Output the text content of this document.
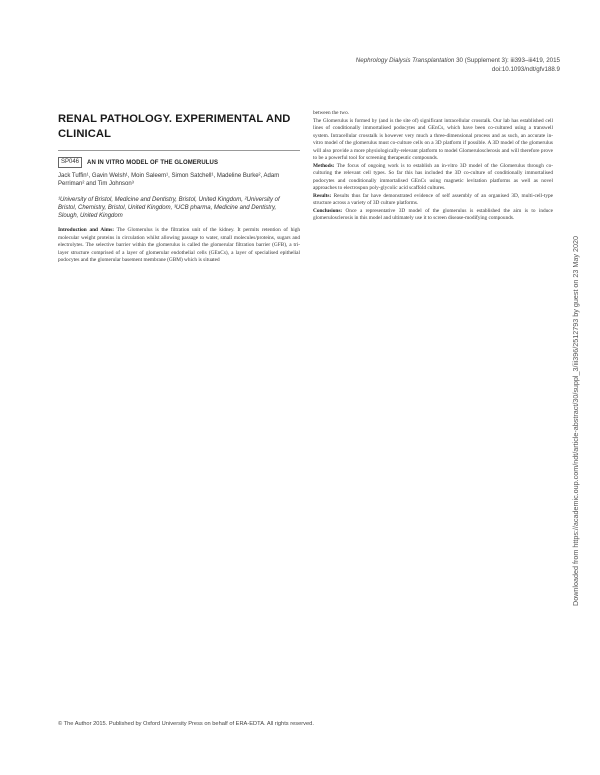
Nephrology Dialysis Transplantation 30 (Supplement 3): iii393–iii419, 2015
doi:10.1093/ndt/gfv188.9
RENAL PATHOLOGY. EXPERIMENTAL AND CLINICAL
SP046	AN IN VITRO MODEL OF THE GLOMERULUS
Jack Tuffin¹, Gavin Welsh¹, Moin Saleem¹, Simon Satchell¹, Madeline Burke², Adam Perriman² and Tim Johnson³
¹University of Bristol, Medicine and Dentistry, Bristol, United Kingdom, ²University of Bristol, Chemistry, Bristol, United Kingdom, ³UCB pharma, Medicine and Dentistry, Slough, United Kingdom

Introduction and Aims: The Glomerulus is the filtration unit of the kidney. It permits retention of high molecular weight proteins in circulation whilst allowing passage to water, small molecules/proteins, sugars and electrolytes. The selective barrier within the glomerulus is called the glomerular filtration barrier (GFB), a tri-layer structure comprised of a layer of glomerular endothelial cells (GEnCs), a layer of specialised epithelial podocytes and the glomerular basement membrane (GBM) which is situated

between the two.

The Glomerulus is formed by (and is the site of) significant intracellular crosstalk. Our lab has established cell lines of conditionally immortalised podocytes and GEnCs, which have been co-cultured using a transwell system. Intracellular crosstalk is however very much a three-dimensional process and as such, an accurate in-vitro model of the glomerulus must co-culture cells on a 3D platform if possible. A 3D model of the glomerulus will also provide a more physiologically-relevant platform to model Glomerulosclerosis and will therefore prove to be a powerful tool for screening therapeutic compounds.

Methods: The focus of ongoing work is to establish an in-vitro 3D model of the Glomerulus through co-culturing the relevant cell types. So far this has included the 3D co-culture of conditionally immortalised podocytes and conditionally immortalised GEnCs using magnetic levitation platforms as well as novel approaches to electrospun poly-glycolic acid scaffold cultures.

Results: Results thus far have demonstrated evidence of self assembly of an organised 3D, multi-cell-type structure across a variety of 3D culture platforms.

Conclusions: Once a representative 3D model of the glomerulus is established the aim is to induce glomerulosclerosis in this model and ultimately use it to screen disease-modifying compounds.

Downloaded from https://academic.oup.com/ndt/article-abstract/30/suppl_3/iii396/2512793 by guest on 23 May 2020
© The Author 2015. Published by Oxford University Press on behalf of ERA-EDTA. All rights reserved.
